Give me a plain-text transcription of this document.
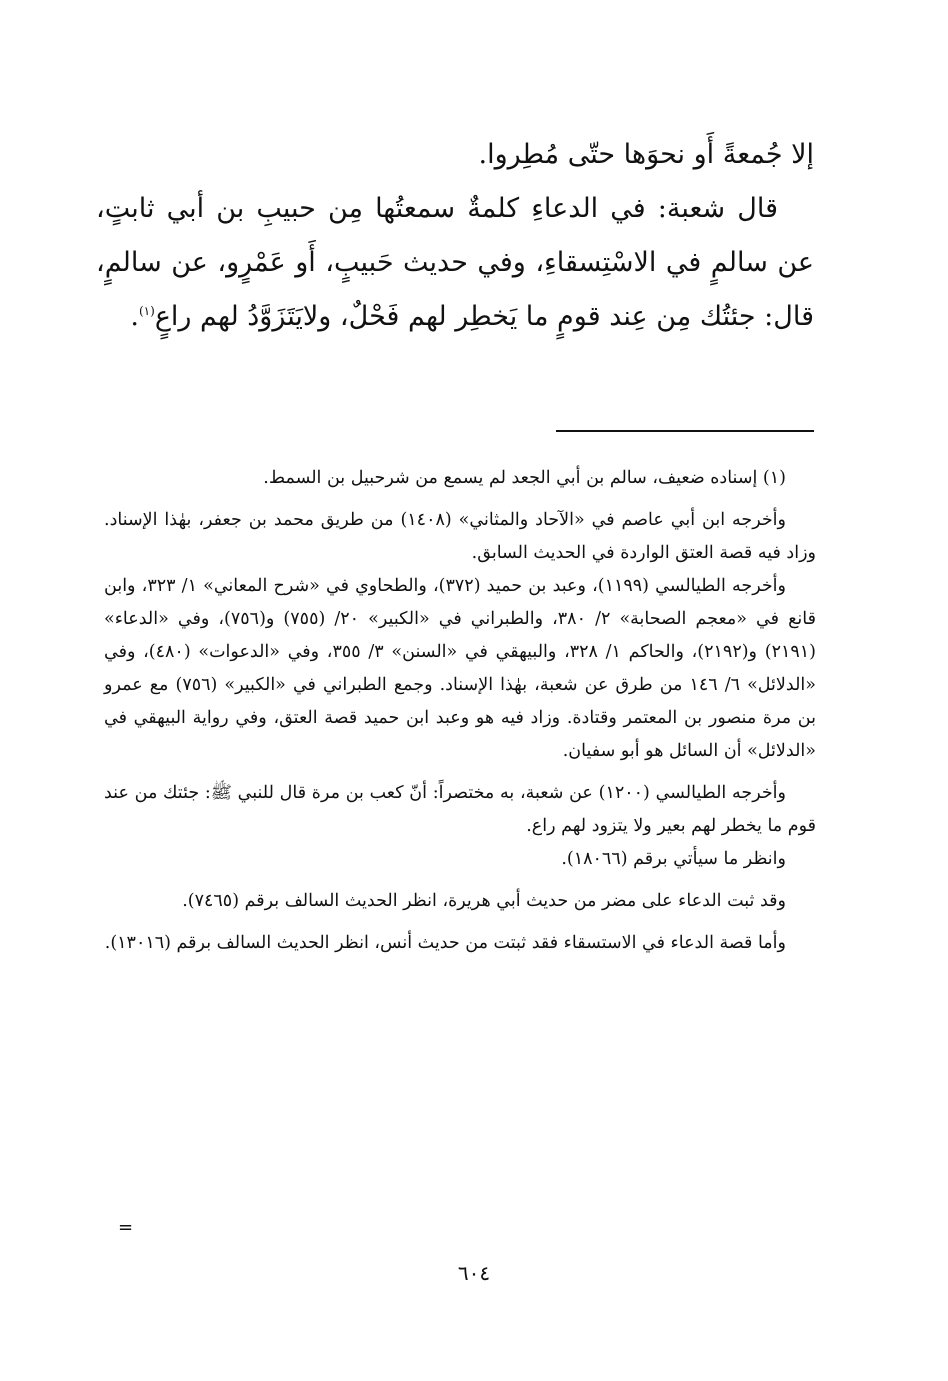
إلا جُمعةً أَو نحوَها حتّى مُطِروا.

قال شعبة: في الدعاءِ كلمةٌ سمعتُها مِن حبيبِ بن أبي ثابتٍ، عن سالمٍ في الاسْتِسقاءِ، وفي حديث حَبيبٍ، أَو عَمْرٍو، عن سالمٍ، قال: جئتُك مِن عِند قومٍ ما يَخطِر لهم فَحْلٌ، ولايَتَزَوَّدُ لهم راعٍ$^{(١)}$.

(١) إسناده ضعيف، سالم بن أبي الجعد لم يسمع من شرحبيل بن السمط.

وأخرجه ابن أبي عاصم في «الآحاد والمثاني» (١٤٠٨) من طريق محمد بن جعفر، بهٰذا الإسناد. وزاد فيه قصة العتق الواردة في الحديث السابق.

وأخرجه الطيالسي (١١٩٩)، وعبد بن حميد (٣٧٢)، والطحاوي في «شرح المعاني» ١/ ٣٢٣، وابن قانع في «معجم الصحابة» ٢/ ٣٨٠، والطبراني في «الكبير» ٢٠/ (٧٥٥) و(٧٥٦)، وفي «الدعاء» (٢١٩١) و(٢١٩٢)، والحاكم ١/ ٣٢٨، والبيهقي في «السنن» ٣/ ٣٥٥، وفي «الدعوات» (٤٨٠)، وفي «الدلائل» ٦/ ١٤٦ من طرق عن شعبة، بهٰذا الإسناد. وجمع الطبراني في «الكبير» (٧٥٦) مع عمرو بن مرة منصور بن المعتمر وقتادة. وزاد فيه هو وعبد ابن حميد قصة العتق، وفي رواية البيهقي في «الدلائل» أن السائل هو أبو سفيان.

وأخرجه الطيالسي (١٢٠٠) عن شعبة، به مختصراً: أنّ كعب بن مرة قال للنبي ﷺ: جئتك من عند قوم ما يخطر لهم بعير ولا يتزود لهم راع.

وانظر ما سيأتي برقم (١٨٠٦٦).

وقد ثبت الدعاء على مضر من حديث أبي هريرة، انظر الحديث السالف برقم (٧٤٦٥).

وأما قصة الدعاء في الاستسقاء فقد ثبتت من حديث أنس، انظر الحديث السالف برقم (١٣٠١٦).

=
٦٠٤
